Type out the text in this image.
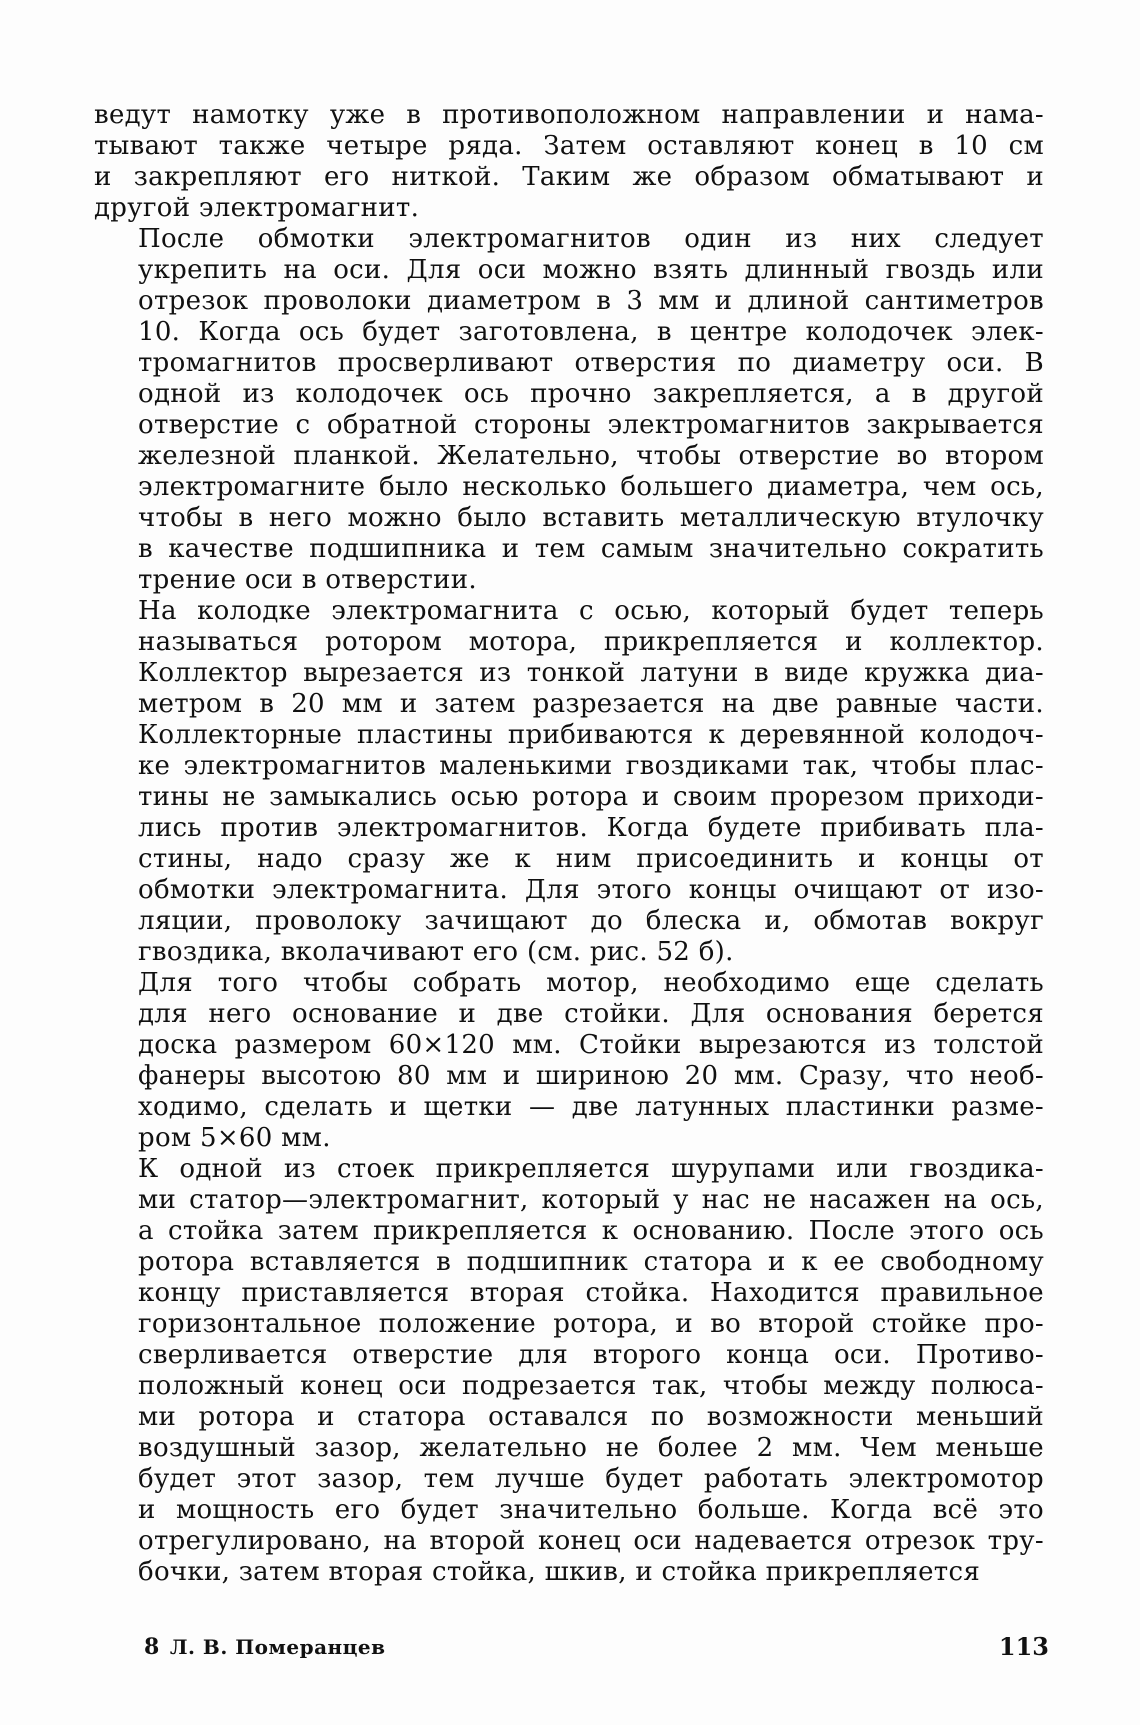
ведут намотку уже в противоположном направлении и нама-
тывают также четыре ряда. Затем оставляют конец в 10 см
и закрепляют его ниткой. Таким же образом обматывают и
другой электромагнит.
После обмотки электромагнитов один из них следует
укрепить на оси. Для оси можно взять длинный гвоздь или
отрезок проволоки диаметром в 3 мм и длиной сантиметров
10. Когда ось будет заготовлена, в центре колодочек элек-
тромагнитов просверливают отверстия по диаметру оси. В
одной из колодочек ось прочно закрепляется, а в другой
отверстие с обратной стороны электромагнитов закрывается
железной планкой. Желательно, чтобы отверстие во втором
электромагните было несколько большего диаметра, чем ось,
чтобы в него можно было вставить металлическую втулочку
в качестве подшипника и тем самым значительно сократить
трение оси в отверстии.
На колодке электромагнита с осью, который будет теперь
называться ротором мотора, прикрепляется и коллектор.
Коллектор вырезается из тонкой латуни в виде кружка диа-
метром в 20 мм и затем разрезается на две равные части.
Коллекторные пластины прибиваются к деревянной колодоч-
ке электромагнитов маленькими гвоздиками так, чтобы плас-
тины не замыкались осью ротора и своим прорезом приходи-
лись против электромагнитов. Когда будете прибивать пла-
стины, надо сразу же к ним присоединить и концы от
обмотки электромагнита. Для этого концы очищают от изо-
ляции, проволоку зачищают до блеска и, обмотав вокруг
гвоздика, вколачивают его (см. рис. 52 б).
Для того чтобы собрать мотор, необходимо еще сделать
для него основание и две стойки. Для основания берется
доска размером 60×120 мм. Стойки вырезаются из толстой
фанеры высотою 80 мм и шириною 20 мм. Сразу, что необ-
ходимо, сделать и щетки — две латунных пластинки разме-
ром 5×60 мм.
К одной из стоек прикрепляется шурупами или гвоздика-
ми статор—электромагнит, который у нас не насажен на ось,
а стойка затем прикрепляется к основанию. После этого ось
ротора вставляется в подшипник статора и к ее свободному
концу приставляется вторая стойка. Находится правильное
горизонтальное положение ротора, и во второй стойке про-
сверливается отверстие для второго конца оси. Противо-
положный конец оси подрезается так, чтобы между полюса-
ми ротора и статора оставался по возможности меньший
воздушный зазор, желательно не более 2 мм. Чем меньше
будет этот зазор, тем лучше будет работать электромотор
и мощность его будет значительно больше. Когда всё это
отрегулировано, на второй конец оси надевается отрезок тру-
бочки, затем вторая стойка, шкив, и стойка прикрепляется
8 Л. В. Померанцев	113
